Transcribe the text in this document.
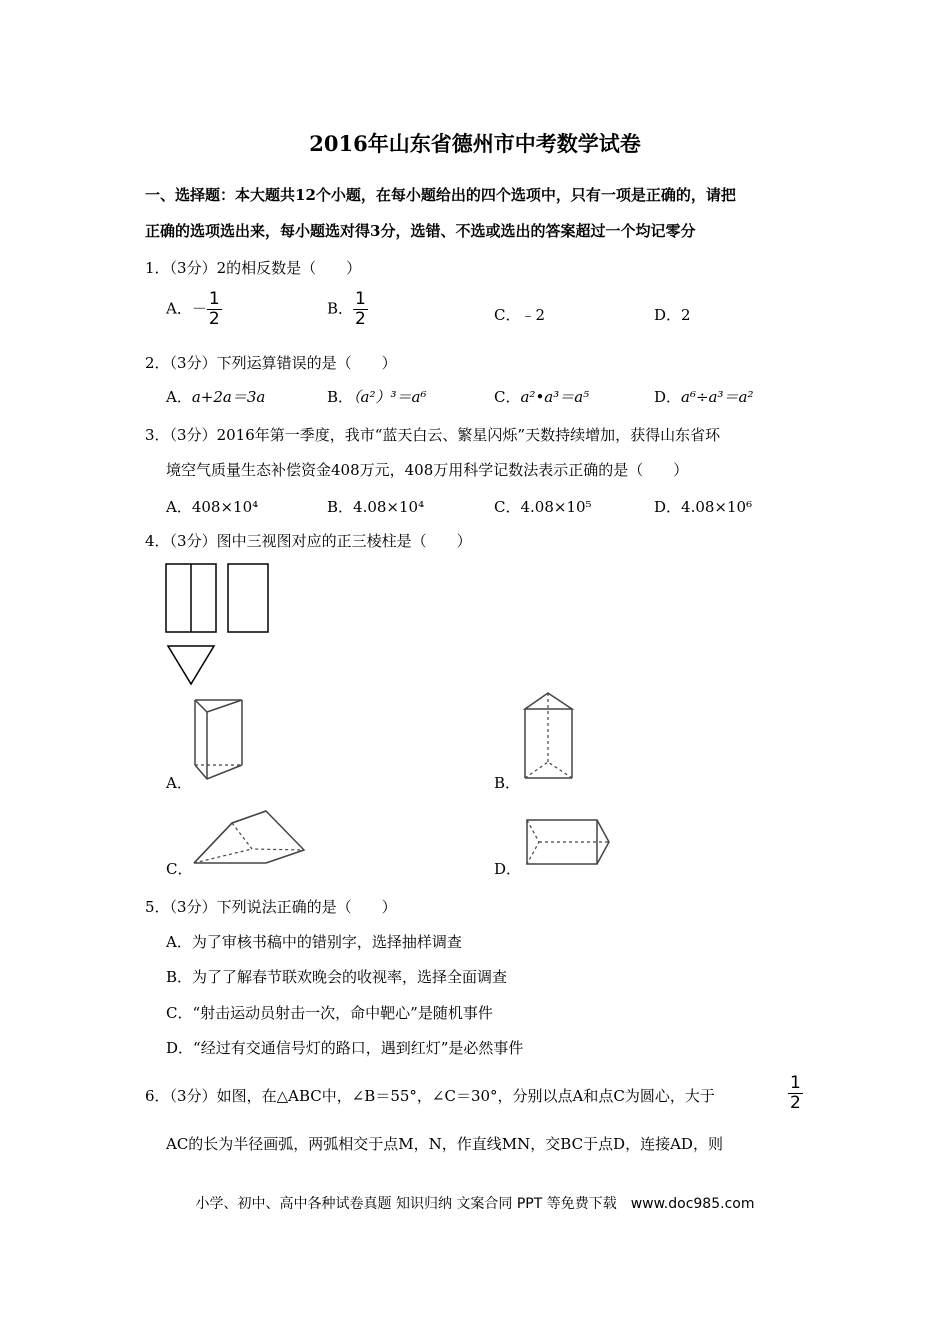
2016年山东省德州市中考数学试卷
一、选择题：本大题共12个小题，在每小题给出的四个选项中，只有一项是正确的，请把
正确的选项选出来，每小题选对得3分，选错、不选或选出的答案超过一个均记零分
1．（3分）2的相反数是（　　）
A．－ $\frac{1}{2}$	B． $\frac{1}{2}$	C．﹣2	D．2
2．（3分）下列运算错误的是（　　）
A．a+2a＝3a	B．（a²）³＝a⁶	C．a²•a³＝a⁵	D．a⁶÷a³＝a²
3．（3分）2016年第一季度，我市“蓝天白云、繁星闪烁”天数持续增加，获得山东省环
境空气质量生态补偿资金408万元，408万用科学记数法表示正确的是（　　）
A．408×10⁴	B．4.08×10⁴	C．4.08×10⁵	D．4.08×10⁶
4．（3分）图中三视图对应的正三棱柱是（　　）
A．	B．
C．	D．
5．（3分）下列说法正确的是（　　）
A．为了审核书稿中的错别字，选择抽样调查
B．为了了解春节联欢晚会的收视率，选择全面调查
C．“射击运动员射击一次，命中靶心”是随机事件
D．“经过有交通信号灯的路口，遇到红灯”是必然事件
6．（3分）如图，在△ABC中，∠B＝55°，∠C＝30°，分别以点A和点C为圆心，大于	$\frac{1}{2}$
AC的长为半径画弧，两弧相交于点M，N，作直线MN，交BC于点D，连接AD，则
小学、初中、高中各种试卷真题 知识归纳 文案合同 PPT 等免费下载　www.doc985.com
